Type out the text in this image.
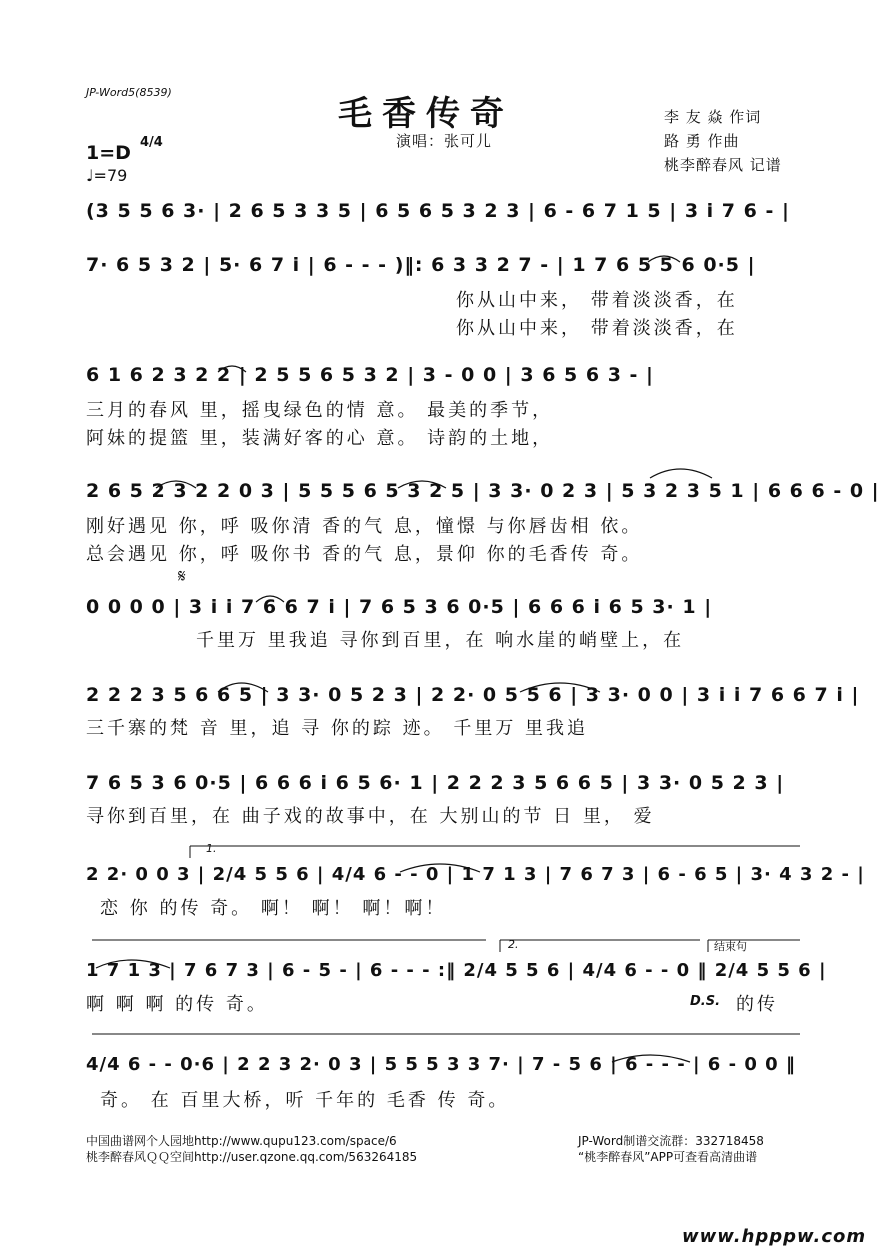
JP-Word5(8539)
毛香传奇
演唱：张可儿
李 友 焱 作词
路 勇 作曲
桃李醉春风 记谱
1=D 4/4
♩=79
(3 5 5 6 3· | 2 6 5 3 3 5 | 6 5 6 5 3 2 3 | 6 - 6 7 1 5 | 3 i 7 6 - |
7· 6 5 3 2 | 5· 6 7 i | 6 - - - )‖: 6 3 3 2 7 - | 1 7 6 5 5 6 0·5 |
你从山中来， 带着淡淡香，在
你从山中来， 带着淡淡香，在
6 1 6 2 3 2 2 | 2 5 5 6 5 3 2 | 3 - 0 0 | 3 6 5 6 3 - |
三月的春风 里，摇曳绿色的情 意。 最美的季节，
阿妹的提篮 里，装满好客的心 意。 诗韵的土地，
2 6 5 2 3 2 2 0 3 | 5 5 5 6 5 3 2 5 | 3 3· 0 2 3 | 5 3 2 3 5 1 | 6 6 6 - 0 |
刚好遇见 你，呼 吸你清 香的气 息，憧憬 与你唇齿相 依。
总会遇见 你，呼 吸你书 香的气 息，景仰 你的毛香传 奇。
𝄋
0 0 0 0 | 3 i i 7 6 6 7 i | 7 6 5 3 6 0·5 | 6 6 6 i 6 5 3· 1 |
千里万 里我追 寻你到百里，在 响水崖的峭壁上，在
2 2 2 3 5 6 6 5 | 3 3· 0 5 2 3 | 2 2· 0 5 5 6 | 3 3· 0 0 | 3 i i 7 6 6 7 i |
三千寨的梵 音 里，追 寻 你的踪 迹。 千里万 里我追
7 6 5 3 6 0·5 | 6 6 6 i 6 5 6· 1 | 2 2 2 3 5 6 6 5 | 3 3· 0 5 2 3 |
寻你到百里，在 曲子戏的故事中，在 大别山的节 日 里， 爱
1.
2 2· 0 0 3 | 2/4 5 5 6 | 4/4 6 - - 0 | 1 7 1 3 | 7 6 7 3 | 6 - 6 5 | 3· 4 3 2 - |
恋 你 的传 奇。 啊！ 啊！ 啊！啊！
2.	结束句
1 7 1 3 | 7 6 7 3 | 6 - 5 - | 6 - - - :‖ 2/4 5 5 6 | 4/4 6 - - 0 ‖ 2/4 5 5 6 |
啊 啊 啊 的传 奇。	D.S. 的传
4/4 6 - - 0·6 | 2 2 3 2· 0 3 | 5 5 5 3 3 7· | 7 - 5 6 | 6 - - - | 6 - 0 0 ‖
奇。 在 百里大桥，听 千年的 毛香 传 奇。
中国曲谱网个人园地http://www.qupu123.com/space/6
桃李醉春风ＱＱ空间http://user.qzone.qq.com/563264185
JP-Word制谱交流群：332718458
“桃李醉春风”APP可查看高清曲谱
www.hpppw.com
